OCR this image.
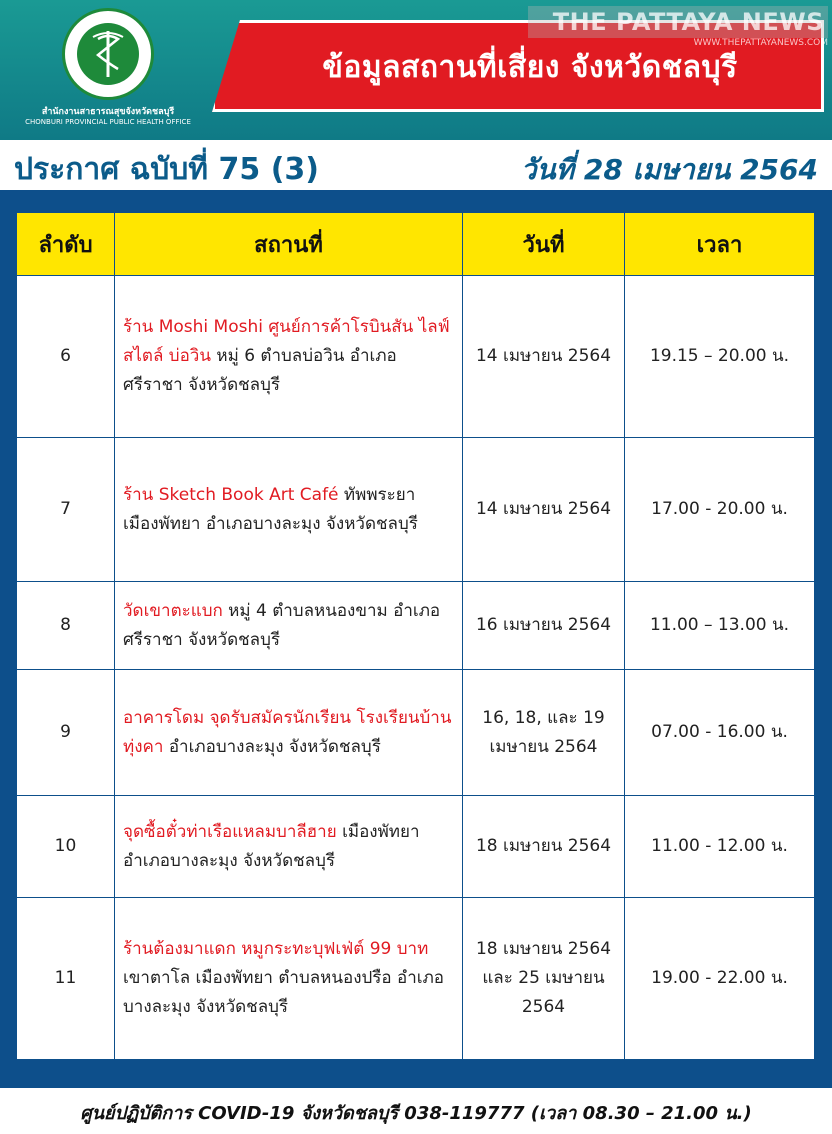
สำนักงานสาธารณสุขจังหวัดชลบุรี
CHONBURI PROVINCIAL PUBLIC HEALTH OFFICE
ข้อมูลสถานที่เสี่ยง จังหวัดชลบุรี
THE PATTAYA NEWS
WWW.THEPATTAYANEWS.COM
ประกาศ ฉบับที่ 75 (3)	วันที่ 28 เมษายน 2564
ลำดับ	สถานที่	วันที่	เวลา
6	ร้าน Moshi Moshi ศูนย์การค้าโรบินสัน ไลฟ์สไตล์ บ่อวิน หมู่ 6 ตำบลบ่อวิน อำเภอศรีราชา จังหวัดชลบุรี	14 เมษายน 2564	19.15 – 20.00 น.
7	ร้าน Sketch Book Art Café ทัพพระยา เมืองพัทยา อำเภอบางละมุง จังหวัดชลบุรี	14 เมษายน 2564	17.00 - 20.00 น.
8	วัดเขาตะแบก หมู่ 4 ตำบลหนองขาม อำเภอศรีราชา จังหวัดชลบุรี	16 เมษายน 2564	11.00 – 13.00 น.
9	อาคารโดม จุดรับสมัครนักเรียน โรงเรียนบ้านทุ่งคา อำเภอบางละมุง จังหวัดชลบุรี	16, 18, และ 19 เมษายน 2564	07.00 - 16.00 น.
10	จุดซื้อตั๋วท่าเรือแหลมบาลีฮาย เมืองพัทยา อำเภอบางละมุง จังหวัดชลบุรี	18 เมษายน 2564	11.00 - 12.00 น.
11	ร้านต้องมาแดก หมูกระทะบุฟเฟ่ต์ 99 บาท เขาตาโล เมืองพัทยา ตำบลหนองปรือ อำเภอบางละมุง จังหวัดชลบุรี	18 เมษายน 2564 และ 25 เมษายน 2564	19.00 - 22.00 น.
ศูนย์ปฏิบัติการ COVID-19 จังหวัดชลบุรี 038-119777 (เวลา 08.30 – 21.00 น.)
